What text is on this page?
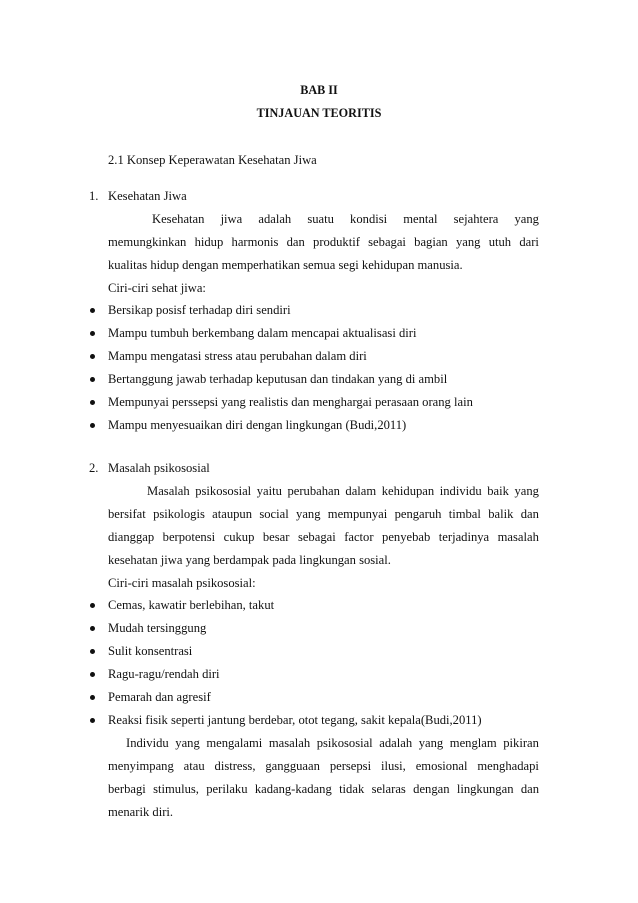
BAB II
TINJAUAN TEORITIS
2.1 Konsep Keperawatan Kesehatan Jiwa
1. Kesehatan Jiwa
Kesehatan jiwa adalah suatu kondisi mental sejahtera yang
memungkinkan hidup harmonis dan produktif sebagai bagian yang utuh dari
kualitas hidup dengan memperhatikan semua segi kehidupan manusia.
Ciri-ciri sehat jiwa:
Bersikap posisf terhadap diri sendiri
Mampu tumbuh berkembang dalam mencapai aktualisasi diri
Mampu mengatasi stress atau perubahan dalam diri
Bertanggung jawab terhadap keputusan dan tindakan yang di ambil
Mempunyai perssepsi yang realistis dan menghargai perasaan orang lain
Mampu menyesuaikan diri dengan lingkungan (Budi,2011)
2. Masalah psikososial
Masalah psikososial yaitu perubahan dalam kehidupan individu baik yang
bersifat psikologis ataupun social yang mempunyai pengaruh timbal balik dan
dianggap berpotensi cukup besar sebagai factor penyebab terjadinya masalah
kesehatan jiwa yang berdampak pada lingkungan sosial.
Ciri-ciri masalah psikososial:
Cemas, kawatir berlebihan, takut
Mudah tersinggung
Sulit konsentrasi
Ragu-ragu/rendah diri
Pemarah dan agresif
Reaksi fisik seperti jantung berdebar, otot tegang, sakit kepala(Budi,2011)
Individu yang mengalami masalah psikososial adalah yang menglam pikiran
menyimpang atau distress, gangguaan persepsi ilusi, emosional menghadapi
berbagi stimulus, perilaku kadang-kadang tidak selaras dengan lingkungan dan
menarik diri.
